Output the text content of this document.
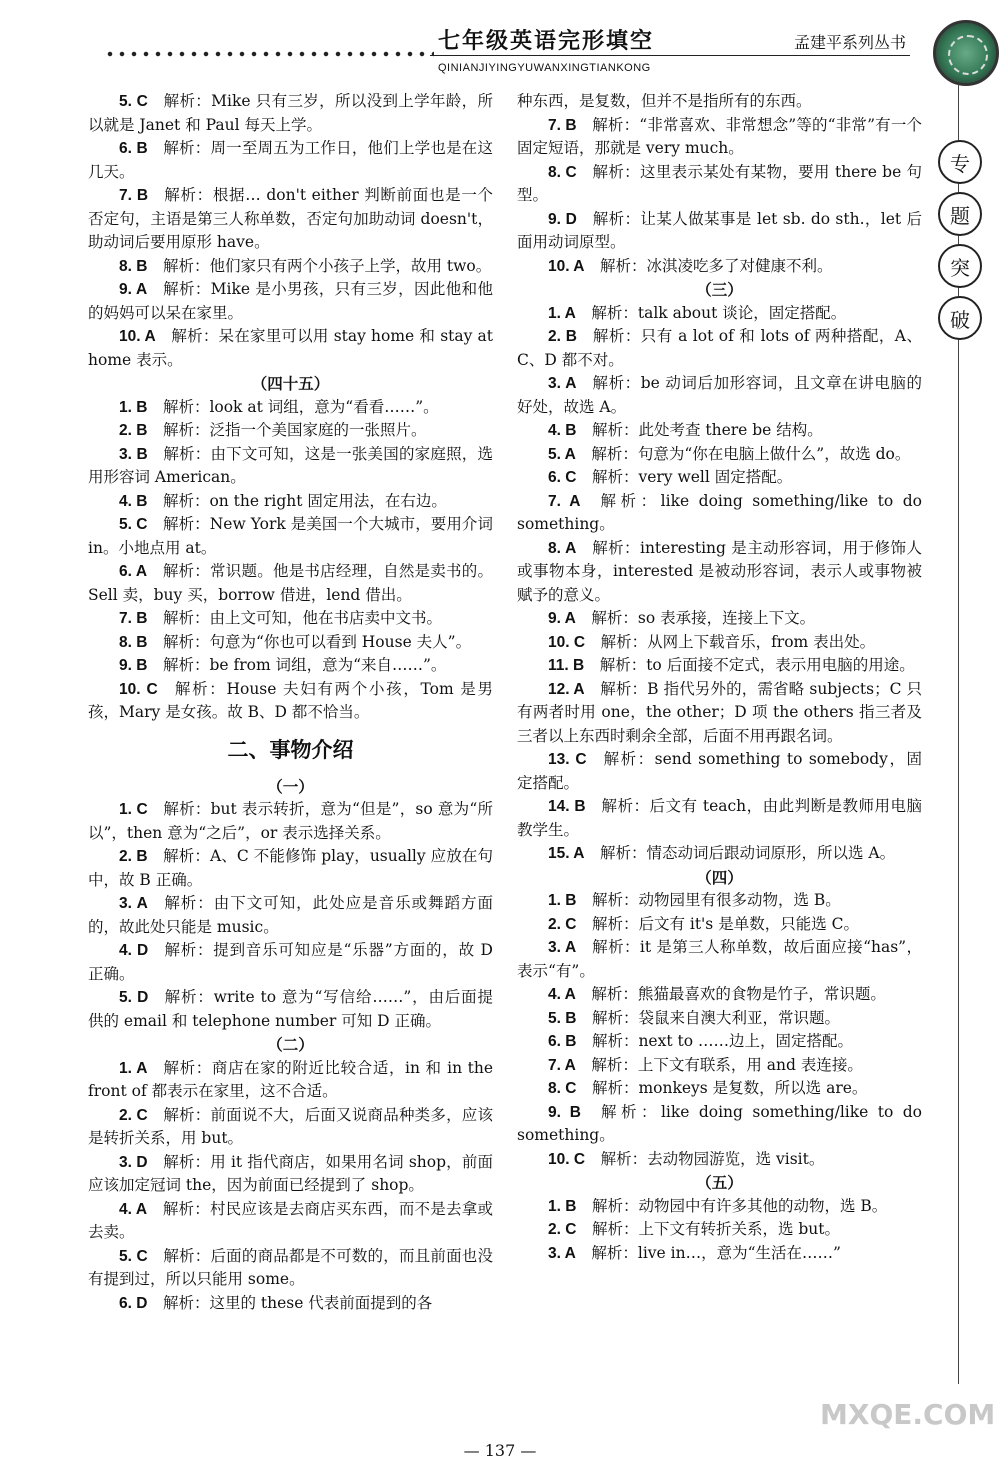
七年级英语完形填空	孟建平系列丛书
QINIANJIYINGYUWANXINGTIANKONG
专
题
突
破

5. C  解析：Mike 只有三岁，所以没到上学年龄，所以就是 Janet 和 Paul 每天上学。

6. B  解析：周一至周五为工作日，他们上学也是在这几天。

7. B  解析：根据… don't either 判断前面也是一个否定句，主语是第三人称单数，否定句加助动词 doesn't，助动词后要用原形 have。

8. B  解析：他们家只有两个小孩子上学，故用 two。

9. A  解析：Mike 是小男孩，只有三岁，因此他和他的妈妈可以呆在家里。

10. A  解析：呆在家里可以用 stay home 和 stay at home 表示。

（四十五）

1. B  解析：look at 词组，意为“看看……”。

2. B  解析：泛指一个美国家庭的一张照片。

3. B  解析：由下文可知，这是一张美国的家庭照，选用形容词 American。

4. B  解析：on the right 固定用法，在右边。

5. C  解析：New York 是美国一个大城市，要用介词 in。小地点用 at。

6. A  解析：常识题。他是书店经理，自然是卖书的。Sell 卖，buy 买，borrow 借进，lend 借出。

7. B  解析：由上文可知，他在书店卖中文书。

8. B  解析：句意为“你也可以看到 House 夫人”。

9. B  解析：be from 词组，意为“来自……”。

10. C  解析：House 夫妇有两个小孩，Tom 是男孩，Mary 是女孩。故 B、D 都不恰当。

二、事物介绍

（一）

1. C  解析：but 表示转折，意为“但是”，so 意为“所以”，then 意为“之后”，or 表示选择关系。

2. B  解析：A、C 不能修饰 play，usually 应放在句中，故 B 正确。

3. A  解析：由下文可知，此处应是音乐或舞蹈方面的，故此处只能是 music。

4. D  解析：提到音乐可知应是“乐器”方面的，故 D 正确。

5. D  解析：write to 意为“写信给……”，由后面提供的 email 和 telephone number 可知 D 正确。

（二）

1. A  解析：商店在家的附近比较合适，in 和 in the front of 都表示在家里，这不合适。

2. C  解析：前面说不大，后面又说商品种类多，应该是转折关系，用 but。

3. D  解析：用 it 指代商店，如果用名词 shop，前面应该加定冠词 the，因为前面已经提到了 shop。

4. A  解析：村民应该是去商店买东西，而不是去拿或去卖。

5. C  解析：后面的商品都是不可数的，而且前面也没有提到过，所以只能用 some。

6. D  解析：这里的 these 代表前面提到的各

种东西，是复数，但并不是指所有的东西。

7. B  解析：“非常喜欢、非常想念”等的“非常”有一个固定短语，那就是 very much。

8. C  解析：这里表示某处有某物，要用 there be 句型。

9. D  解析：让某人做某事是 let sb. do sth.，let 后面用动词原型。

10. A  解析：冰淇凌吃多了对健康不利。

（三）

1. A  解析：talk about 谈论，固定搭配。

2. B  解析：只有 a lot of 和 lots of 两种搭配，A、C、D 都不对。

3. A  解析：be 动词后加形容词，且文章在讲电脑的好处，故选 A。

4. B  解析：此处考查 there be 结构。

5. A  解析：句意为“你在电脑上做什么”，故选 do。

6. C  解析：very well 固定搭配。

7. A  解析：like doing something/like to do something。

8. A  解析：interesting 是主动形容词，用于修饰人或事物本身，interested 是被动形容词，表示人或事物被赋予的意义。

9. A  解析：so 表承接，连接上下文。

10. C  解析：从网上下载音乐，from 表出处。

11. B  解析：to 后面接不定式，表示用电脑的用途。

12. A  解析：B 指代另外的，需省略 subjects；C 只有两者时用 one，the other；D 项 the others 指三者及三者以上东西时剩余全部，后面不用再跟名词。

13. C  解析：send something to somebody，固定搭配。

14. B  解析：后文有 teach，由此判断是教师用电脑教学生。

15. A  解析：情态动词后跟动词原形，所以选 A。

（四）

1. B  解析：动物园里有很多动物，选 B。

2. C  解析：后文有 it's 是单数，只能选 C。

3. A  解析：it 是第三人称单数，故后面应接“has”，表示“有”。

4. A  解析：熊猫最喜欢的食物是竹子，常识题。

5. B  解析：袋鼠来自澳大利亚，常识题。

6. B  解析：next to ……边上，固定搭配。

7. A  解析：上下文有联系，用 and 表连接。

8. C  解析：monkeys 是复数，所以选 are。

9. B  解析：like doing something/like to do something。

10. C  解析：去动物园游览，选 visit。

（五）

1. B  解析：动物园中有许多其他的动物，选 B。

2. C  解析：上下文有转折关系，选 but。

3. A  解析：live in…，意为“生活在……”

— 137 —
MXQE.COM
